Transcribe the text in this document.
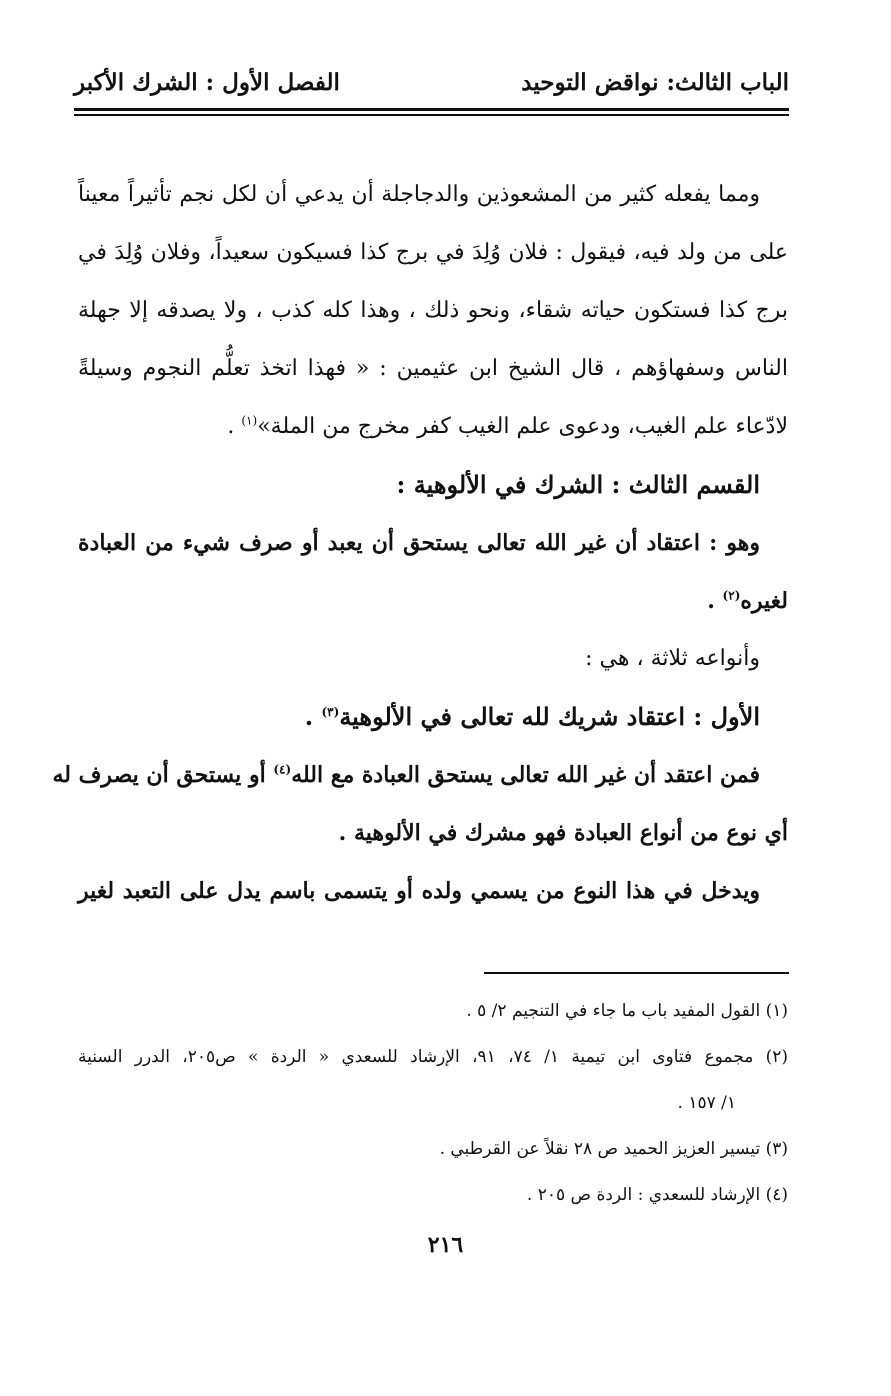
الباب الثالث: نواقض التوحيد
الفصل الأول : الشرك الأكبر
ومما يفعله كثير من المشعوذين والدجاجلة أن يدعي أن لكل نجم تأثيراً معيناً
على من ولد فيه، فيقول : فلان وُلِدَ في برج كذا فسيكون سعيداً، وفلان وُلِدَ في
برج كذا فستكون حياته شقاء، ونحو ذلك ، وهذا كله كذب ، ولا يصدقه إلا جهلة
الناس وسفهاؤهم ، قال الشيخ ابن عثيمين : « فهذا اتخذ تعلُّم النجوم وسيلةً
لادّعاء علم الغيب، ودعوى علم الغيب كفر مخرج من الملة»$^{(١)}$ .
القسم الثالث : الشرك في الألوهية :
وهو : اعتقاد أن غير الله تعالى يستحق أن يعبد أو صرف شيء من العبادة
لغيره$^{(٢)}$ .
وأنواعه ثلاثة ، هي :
الأول : اعتقاد شريك لله تعالى في الألوهية$^{(٣)}$ .
فمن اعتقد أن غير الله تعالى يستحق العبادة مع الله$^{(٤)}$ أو يستحق أن يصرف له
أي نوع من أنواع العبادة فهو مشرك في الألوهية .
ويدخل في هذا النوع من يسمي ولده أو يتسمى باسم يدل على التعبد لغير
(١) القول المفيد باب ما جاء في التنجيم ٢/ ٥ .
(٢) مجموع فتاوى ابن تيمية ١/ ٧٤، ٩١، الإرشاد للسعدي « الردة » ص٢٠٥، الدرر السنية
١/ ١٥٧ .
(٣) تيسير العزيز الحميد ص ٢٨ نقلاً عن القرطبي .
(٤) الإرشاد للسعدي : الردة ص ٢٠٥ .
٢١٦
